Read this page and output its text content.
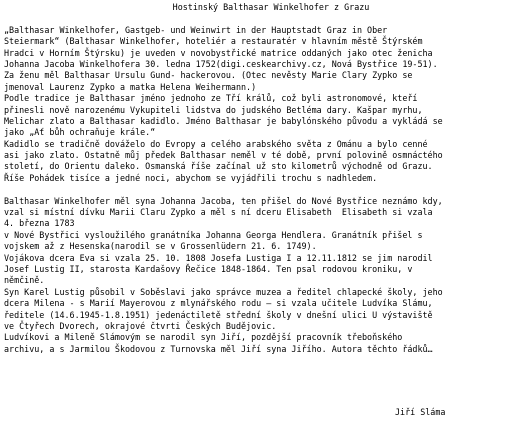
Hostinský Balthasar Winkelhofer z Grazu
„Balthasar Winkelhofer, Gastgeb- und Weinwirt in der Hauptstadt Graz in Ober
Steiermark“ (Balthasar Winkelhofer, hoteliér a restauratér v hlavním městě Štýrském
Hradci v Horním Štýrsku) je uveden v novobystřické matrice oddaných jako otec ženicha
Johanna Jacoba Winkelhofera 30. ledna 1752(digi.ceskearchivy.cz, Nová Bystřice 19-51).
Za ženu měl Balthasar Ursulu Gund- hackerovou. (Otec nevěsty Marie Clary Zypko se
jmenoval Laurenz Zypko a matka Helena Weihermann.)
Podle tradice je Balthasar jméno jednoho ze Tří králů, což byli astronomové, kteří
přinesli nově narozenému Vykupiteli lidstva do judského Betléma dary. Kašpar myrhu,
Melichar zlato a Balthasar kadidlo. Jméno Balthasar je babylónského původu a vykládá se
jako „Ať bůh ochraňuje krále.“
Kadidlo se tradičně dováželo do Evropy a celého arabského světa z Ománu a bylo cenné
asi jako zlato. Ostatně můj předek Balthasar neměl v té době, první polovině osmnáctého
století, do Orientu daleko. Osmanská říše začínal už sto kilometrů východně od Grazu.
Říše Pohádek tisíce a jedné noci, abychom se vyjádřili trochu s nadhledem.
Balthasar Winkelhofer měl syna Johanna Jacoba, ten přišel do Nové Bystřice neznámo kdy,
vzal si místní dívku Marii Claru Zypko a měl s ní dceru Elisabeth  Elisabeth si vzala
4. března 1783
v Nové Bystřici vysloužilého granátníka Johanna Georga Hendlera. Granátník přišel s
vojskem až z Hesenska(narodil se v Grossenlüdern 21. 6. 1749).
Vojákova dcera Eva si vzala 25. 10. 1808 Josefa Lustiga I a 12.11.1812 se jim narodil
Josef Lustig II, starosta Kardašovy Řečice 1848-1864. Ten psal rodovou kroniku, v
němčině.
Syn Karel Lustig působil v Soběslavi jako správce muzea a ředitel chlapecké školy, jeho
dcera Milena - s Marií Mayerovou z mlynářského rodu – si vzala učitele Ludvíka Slámu,
ředitele (14.6.1945-1.8.1951) jedenáctiletě střední školy v dnešní ulici U výstaviště
ve Čtyřech Dvorech, okrajové čtvrti Českých Budějovic.
Ludvíkovi a Mileně Slámovým se narodil syn Jiří, pozdější pracovník třeboňského
archivu, a s Jarmilou Škodovou z Turnovska měl Jiří syna Jiřího. Autora těchto řádků…
Jiří Sláma
